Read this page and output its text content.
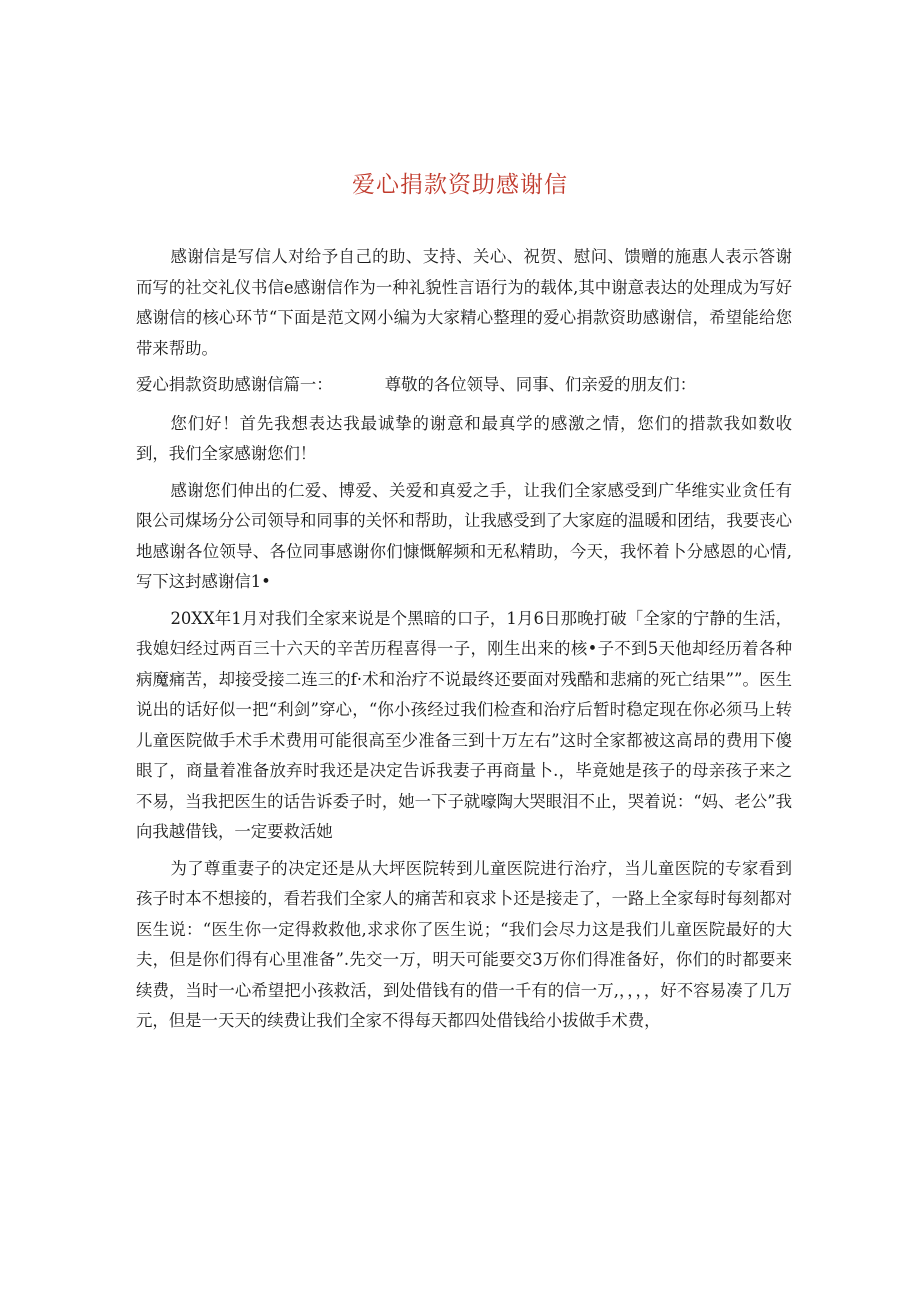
爱心捐款资助感谢信

感谢信是写信人对给予自己的助、支持、关心、祝贺、慰问、馈赠的施惠人表示答谢而写的社交礼仪书信e感谢信作为一种礼貌性言语行为的载体,其中谢意表达的处理成为写好感谢信的核心环节“下面是范文网小编为大家精心整理的爱心捐款资助感谢信，希望能给您带来帮助。

爱心捐款资助感谢信篇一：	尊敬的各位领导、同事、们亲爱的朋友们：

您们好！首先我想表达我最诚挚的谢意和最真学的感激之情，您们的措款我如数收到，我们全家感谢您们！

感谢您们伸出的仁爱、博爱、关爱和真爱之手，让我们全家感受到广华维实业贪任有限公司煤场分公司领导和同事的关怀和帮助，让我感受到了大家庭的温暖和团结，我要丧心地感谢各位领导、各位同事感谢你们慷慨解频和无私精助，今天，我怀着卜分感恩的心情,写下这封感谢信1•

20XX年1月对我们全家来说是个黑暗的口子，1月6日那晚打破「全家的宁静的生活，我媳妇经过两百三十六天的辛苦历程喜得一子，刚生出来的核•子不到5天他却经历着各种病魔痛苦，却接受接二连三的f·术和治疗不说最终还要面对残酷和悲痛的死亡结果””。医生说出的话好似一把“利剑”穿心，“你小孩经过我们检查和治疗后暂时稳定现在你必须马上转儿童医院做手术手术费用可能很高至少准备三到十万左右”这时全家都被这高昂的费用下傻眼了，商量着准备放弃时我还是决定告诉我妻子再商量卜.，毕竟她是孩子的母亲孩子来之不易，当我把医生的话告诉委子时，她一下子就嚎陶大哭眼泪不止，哭着说：“妈、老公”我向我越借钱，一定要救活她

为了尊重妻子的决定还是从大坪医院转到儿童医院进行治疗，当儿童医院的专家看到孩子时本不想接的，看若我们全家人的痛苦和哀求卜还是接走了，一路上全家每时每刻都对医生说：“医生你一定得救救他,求求你了医生说；“我们会尽力这是我们儿童医院最好的大夫，但是你们得有心里准备”.先交一万，明天可能要交3万你们得准备好，你们的时都要来续费，当时一心希望把小孩救活，到处借钱有的借一千有的信一万,，，，，好不容易凑了几万元，但是一天天的续费让我们全家不得每天都四处借钱给小拔做手术费，
